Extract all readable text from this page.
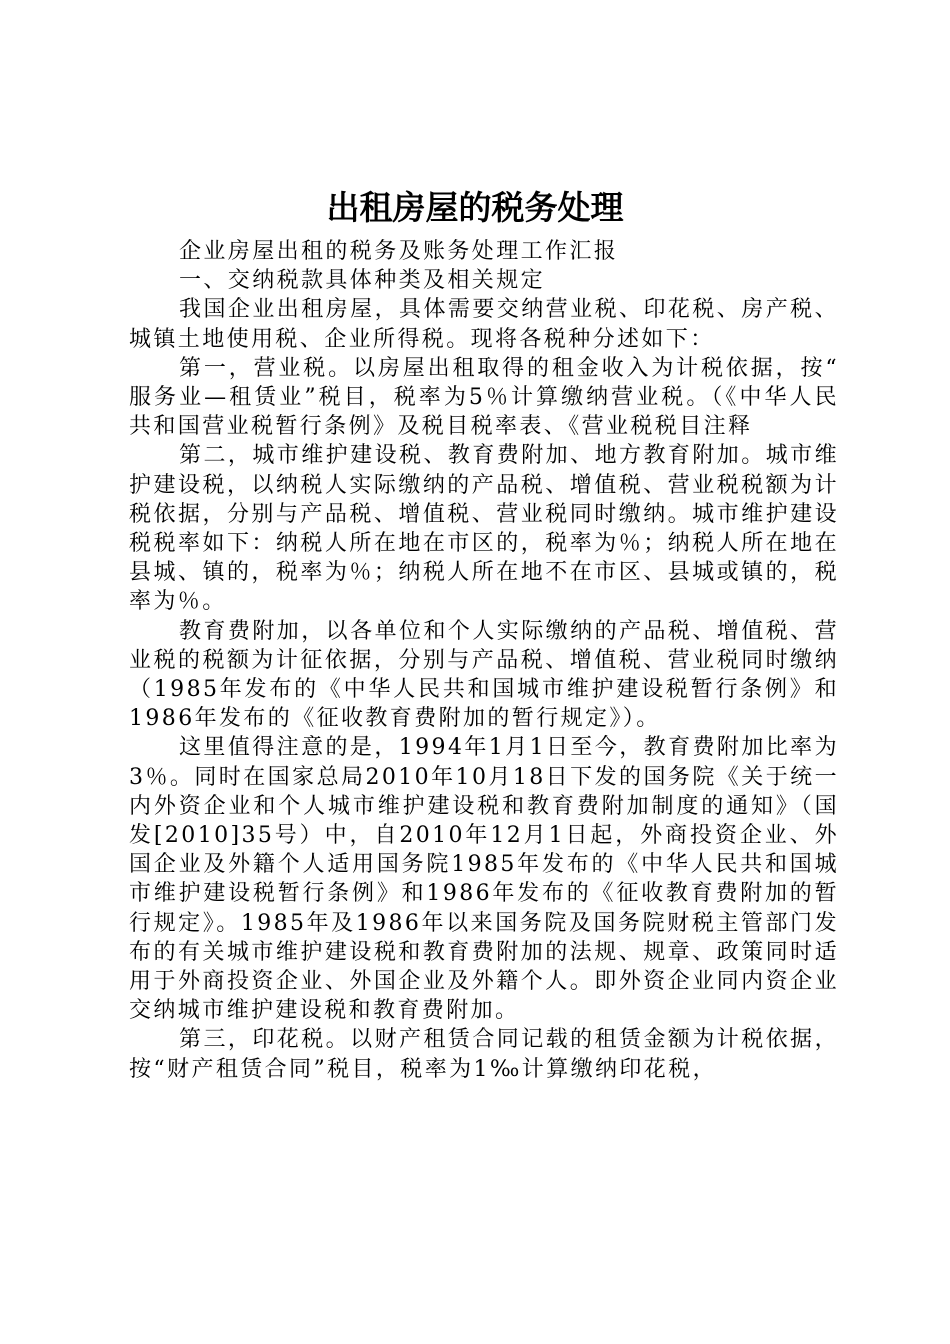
出租房屋的税务处理

企业房屋出租的税务及账务处理工作汇报

一、交纳税款具体种类及相关规定

我国企业出租房屋，具体需要交纳营业税、印花税、房产税、城镇土地使用税、企业所得税。现将各税种分述如下：

第一，营业税。以房屋出租取得的租金收入为计税依据，按“服务业—租赁业”税目，税率为5％计算缴纳营业税。（《中华人民共和国营业税暂行条例》及税目税率表、《营业税税目注释

第二，城市维护建设税、教育费附加、地方教育附加。城市维护建设税，以纳税人实际缴纳的产品税、增值税、营业税税额为计税依据，分别与产品税、增值税、营业税同时缴纳。城市维护建设税税率如下：纳税人所在地在市区的，税率为％；纳税人所在地在县城、镇的，税率为％；纳税人所在地不在市区、县城或镇的，税率为％。

教育费附加，以各单位和个人实际缴纳的产品税、增值税、营业税的税额为计征依据，分别与产品税、增值税、营业税同时缴纳（1985年发布的《中华人民共和国城市维护建设税暂行条例》和1986年发布的《征收教育费附加的暂行规定》）。

这里值得注意的是，1994年1月1日至今，教育费附加比率为3％。同时在国家总局2010年10月18日下发的国务院《关于统一内外资企业和个人城市维护建设税和教育费附加制度的通知》（国发[2010]35号）中，自2010年12月1日起，外商投资企业、外国企业及外籍个人适用国务院1985年发布的《中华人民共和国城市维护建设税暂行条例》和1986年发布的《征收教育费附加的暂行规定》。1985年及1986年以来国务院及国务院财税主管部门发布的有关城市维护建设税和教育费附加的法规、规章、政策同时适用于外商投资企业、外国企业及外籍个人。即外资企业同内资企业交纳城市维护建设税和教育费附加。

第三，印花税。以财产租赁合同记载的租赁金额为计税依据，按“财产租赁合同”税目，税率为1‰计算缴纳印花税，
